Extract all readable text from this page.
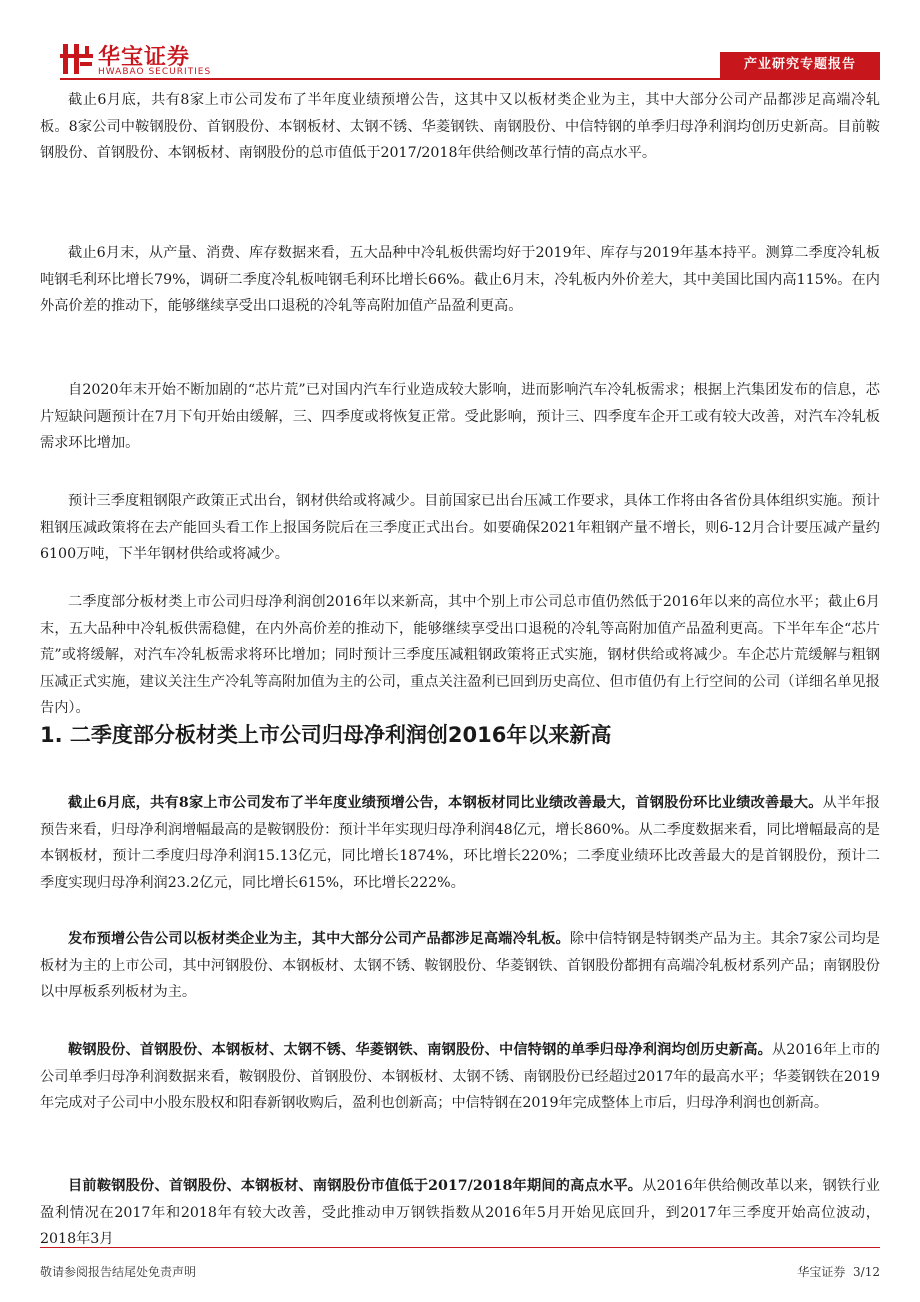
华宝证券
HWABAO SECURITIES	产业研究专题报告

截止6月底，共有8家上市公司发布了半年度业绩预增公告，这其中又以板材类企业为主，其中大部分公司产品都涉足高端冷轧板。8家公司中鞍钢股份、首钢股份、本钢板材、太钢不锈、华菱钢铁、南钢股份、中信特钢的单季归母净利润均创历史新高。目前鞍钢股份、首钢股份、本钢板材、南钢股份的总市值低于2017/2018年供给侧改革行情的高点水平。

截止6月末，从产量、消费、库存数据来看，五大品种中冷轧板供需均好于2019年、库存与2019年基本持平。测算二季度冷轧板吨钢毛利环比增长79%，调研二季度冷轧板吨钢毛利环比增长66%。截止6月末，冷轧板内外价差大，其中美国比国内高115%。在内外高价差的推动下，能够继续享受出口退税的冷轧等高附加值产品盈利更高。

自2020年末开始不断加剧的“芯片荒”已对国内汽车行业造成较大影响，进而影响汽车冷轧板需求；根据上汽集团发布的信息，芯片短缺问题预计在7月下旬开始由缓解，三、四季度或将恢复正常。受此影响，预计三、四季度车企开工或有较大改善，对汽车冷轧板需求环比增加。

预计三季度粗钢限产政策正式出台，钢材供给或将减少。目前国家已出台压减工作要求，具体工作将由各省份具体组织实施。预计粗钢压减政策将在去产能回头看工作上报国务院后在三季度正式出台。如要确保2021年粗钢产量不增长，则6-12月合计要压减产量约6100万吨，下半年钢材供给或将减少。

二季度部分板材类上市公司归母净利润创2016年以来新高，其中个别上市公司总市值仍然低于2016年以来的高位水平；截止6月末，五大品种中冷轧板供需稳健，在内外高价差的推动下，能够继续享受出口退税的冷轧等高附加值产品盈利更高。下半年车企“芯片荒”或将缓解，对汽车冷轧板需求将环比增加；同时预计三季度压减粗钢政策将正式实施，钢材供给或将减少。车企芯片荒缓解与粗钢压减正式实施，建议关注生产冷轧等高附加值为主的公司，重点关注盈利已回到历史高位、但市值仍有上行空间的公司（详细名单见报告内）。

1. 二季度部分板材类上市公司归母净利润创2016年以来新高

截止6月底，共有8家上市公司发布了半年度业绩预增公告，本钢板材同比业绩改善最大，首钢股份环比业绩改善最大。从半年报预告来看，归母净利润增幅最高的是鞍钢股份：预计半年实现归母净利润48亿元，增长860%。从二季度数据来看，同比增幅最高的是本钢板材，预计二季度归母净利润15.13亿元，同比增长1874%，环比增长220%；二季度业绩环比改善最大的是首钢股份，预计二季度实现归母净利润23.2亿元，同比增长615%，环比增长222%。

发布预增公告公司以板材类企业为主，其中大部分公司产品都涉足高端冷轧板。除中信特钢是特钢类产品为主。其余7家公司均是板材为主的上市公司，其中河钢股份、本钢板材、太钢不锈、鞍钢股份、华菱钢铁、首钢股份都拥有高端冷轧板材系列产品；南钢股份以中厚板系列板材为主。

鞍钢股份、首钢股份、本钢板材、太钢不锈、华菱钢铁、南钢股份、中信特钢的单季归母净利润均创历史新高。从2016年上市的公司单季归母净利润数据来看，鞍钢股份、首钢股份、本钢板材、太钢不锈、南钢股份已经超过2017年的最高水平；华菱钢铁在2019年完成对子公司中小股东股权和阳春新钢收购后，盈利也创新高；中信特钢在2019年完成整体上市后，归母净利润也创新高。

目前鞍钢股份、首钢股份、本钢板材、南钢股份市值低于2017/2018年期间的高点水平。从2016年供给侧改革以来，钢铁行业盈利情况在2017年和2018年有较大改善，受此推动申万钢铁指数从2016年5月开始见底回升，到2017年三季度开始高位波动，2018年3月

敬请参阅报告结尾处免责声明	华宝证券 3/12
